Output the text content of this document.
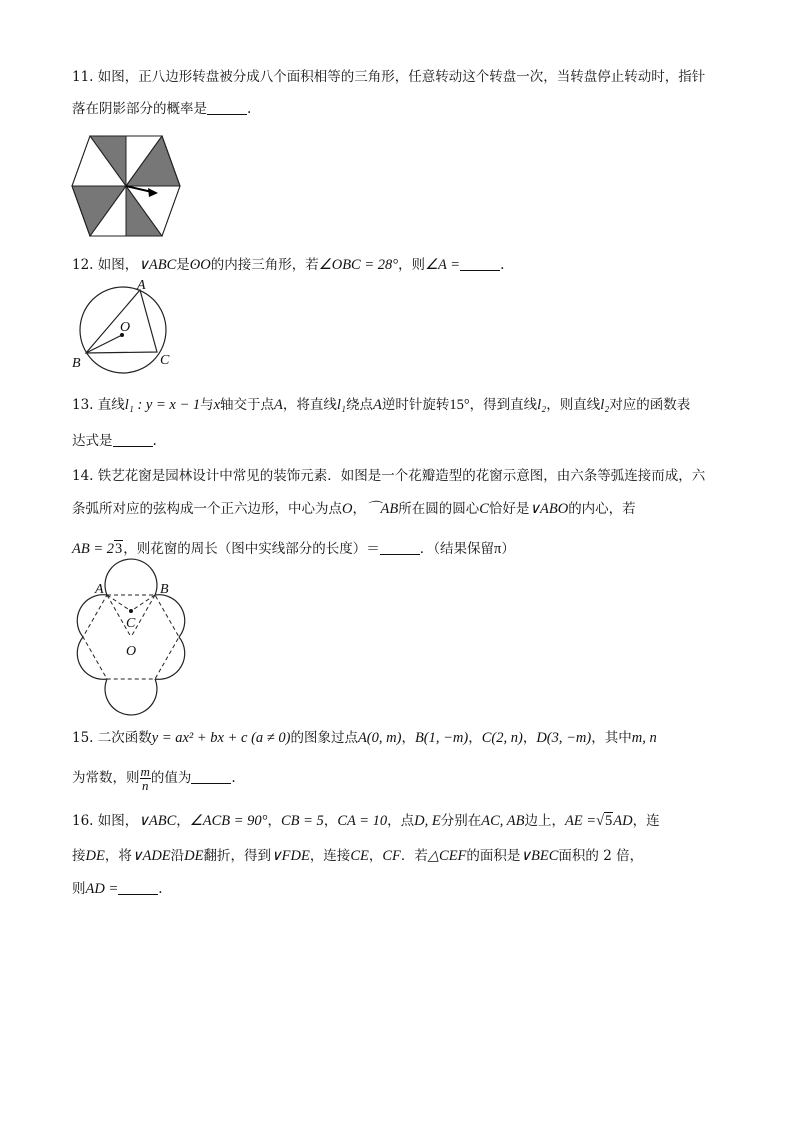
11. 如图，正八边形转盘被分成八个面积相等的三角形，任意转动这个转盘一次，当转盘停止转动时，指针
落在阴影部分的概率是	.
12. 如图，∨ABC是ʘO的内接三角形，若∠OBC = 28°，则∠A =	.
A
O
B	C
13. 直线l₁ : y = x − 1与x轴交于点A，将直线l₁绕点A逆时针旋转15°，得到直线l₂，则直线l₂对应的函数表
达式是	.
14. 铁艺花窗是园林设计中常见的装饰元素．如图是一个花瓣造型的花窗示意图，由六条等弧连接而成，六
条弧所对应的弦构成一个正六边形，中心为点O，⌒AB所在圆的圆心C恰好是∨ABO的内心，若
AB = 23，则花窗的周长（图中实线部分的长度）＝	．（结果保留π）
A	B
C
O
15. 二次函数y = ax² + bx + c (a ≠ 0)的图象过点A(0, m)，B(1, −m)，C(2, n)，D(3, −m)，其中m, n
为常数，则 $\frac{m}{n}$ 的值为	.
16. 如图，∨ABC，∠ACB = 90°，CB = 5，CA = 10，点D, E分别在AC, AB边上，AE =√5AD，连
接DE，将∨ADE沿DE翻折，得到∨FDE，连接CE，CF．若△CEF的面积是∨BEC面积的 2 倍，
则AD =	.
